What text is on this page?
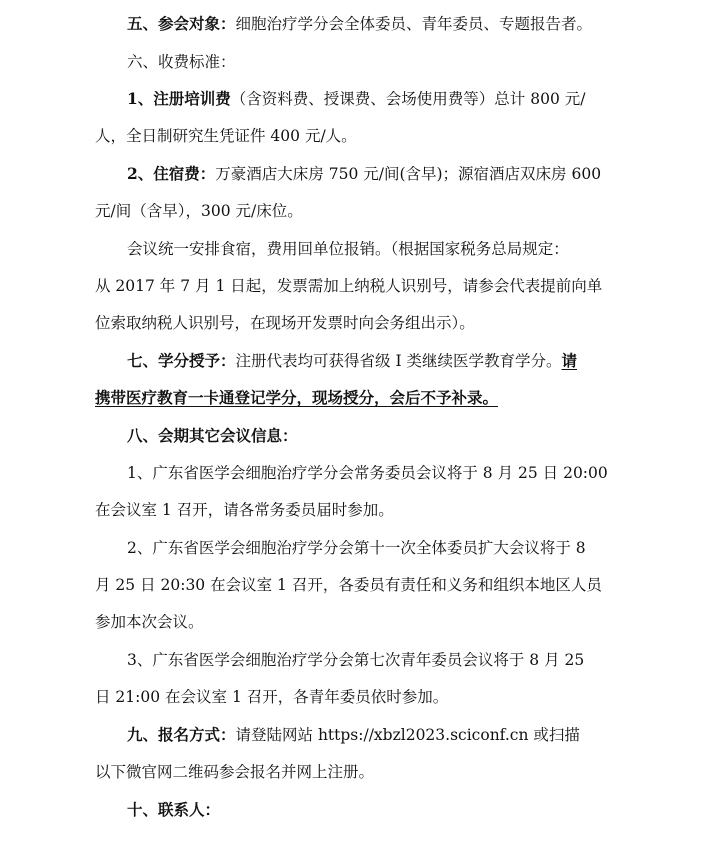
五、参会对象：细胞治疗学分会全体委员、青年委员、专题报告者。
六、收费标准：
1、注册培训费（含资料费、授课费、会场使用费等）总计 800 元/
人，全日制研究生凭证件 400 元/人。
2、住宿费：万豪酒店大床房 750 元/间(含早)；源宿酒店双床房 600
元/间（含早），300 元/床位。
会议统一安排食宿，费用回单位报销。（根据国家税务总局规定：
从 2017 年 7 月 1 日起，发票需加上纳税人识别号，请参会代表提前向单
位索取纳税人识别号，在现场开发票时向会务组出示）。
七、学分授予：注册代表均可获得省级 I 类继续医学教育学分。请
携带医疗教育一卡通登记学分，现场授分，会后不予补录。
八、会期其它会议信息：
1、广东省医学会细胞治疗学分会常务委员会议将于 8 月 25 日 20:00
在会议室 1 召开，请各常务委员届时参加。
2、广东省医学会细胞治疗学分会第十一次全体委员扩大会议将于 8
月 25 日 20:30 在会议室 1 召开，各委员有责任和义务和组织本地区人员
参加本次会议。
3、广东省医学会细胞治疗学分会第七次青年委员会议将于 8 月 25
日 21:00 在会议室 1 召开，各青年委员依时参加。
九、报名方式：请登陆网站 https://xbzl2023.sciconf.cn 或扫描
以下微官网二维码参会报名并网上注册。
十、联系人：
